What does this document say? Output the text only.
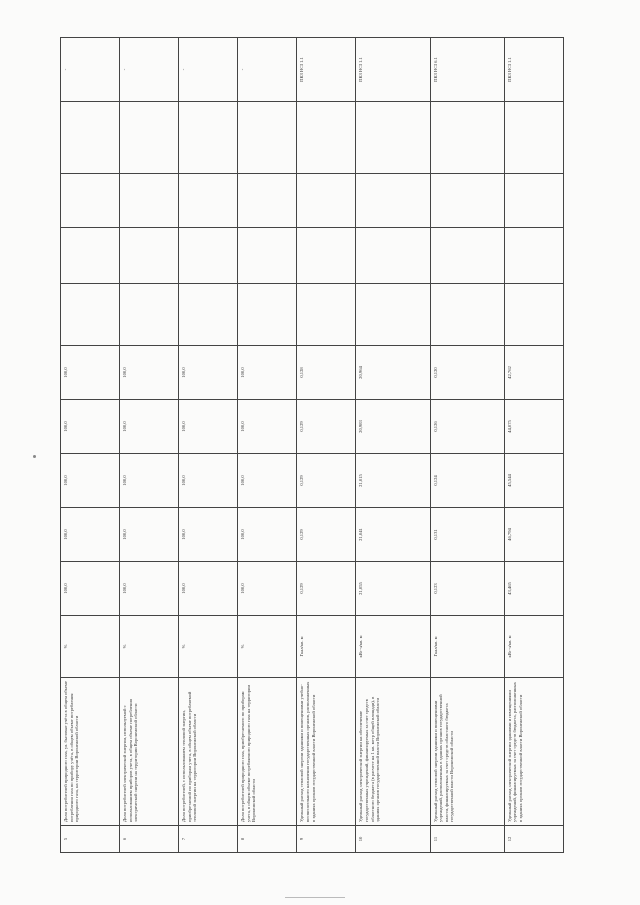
5	Доля потребителей природного газа, ул. бытовые учёта в общем объеме потребления газа по прибору учёта, в общем объеме потребления природного газа, на территории Воронежской области	%	100,0	100,0	100,0	100,0	100,0					-
6	Доля потребителей электрической энергии, используемой с использованием приборов учета, в общем объеме потребления электрической энергии на территории Воронежской области	%	100,0	100,0	100,0	100,0	100,0					-
7	Доля потребителей, с использованием тепловой энергии, приобретаемой по приборам учета, в общем объеме потребляемой тепловой энергии на территории Воронежской области	%	100,0	100,0	100,0	100,0	100,0					-
8	Доля потребителей природного газа, приобретаемого по приборам учета, в общем объеме потребляемого природного газа на территории Воронежской области	%	100,0	100,0	100,0	100,0	100,0					-
9	Удельный расход тепловой энергии зданиями и помещениями учебно-воспитательного назначения государственных органов, расположенных в зданиях органов государственной власти Воронежской области	Гкал/кв. м	0,129	0,129	0,129	0,129	0,128					ПКЗ НСI 1.1
10	Удельный расход электрической энергии на обеспечение государственных учреждений, финансируемых за счет средств областного бюджета (в расчете на 1 кв. метр общей площади), в зданиях органов государственной власти Воронежской области	кВт·ч/кв. м	21,055	21,041	21,015	20,983	20,964					ПКЗ НСI 1.1
11	Удельный расход тепловой энергии зданиями и помещениями учреждений, расположенных в зданиях органов государственной власти, финансируемых за счет средств областного бюджета государственной власти Воронежской области	Гкал/кв. м	0,123	0,131	0,124	0,126	0,120					ПКЗ НСI 6.1
12	Удельный расход электрической энергии зданиями и помещениями учреждений, финансируемых за счет средств бюджета, расположенных в зданиях органов государственной власти Воронежской области	кВт·ч/кв. м	43,465	46,794	45,544	44,075	42,762					ПКЗ НСI 1.1
